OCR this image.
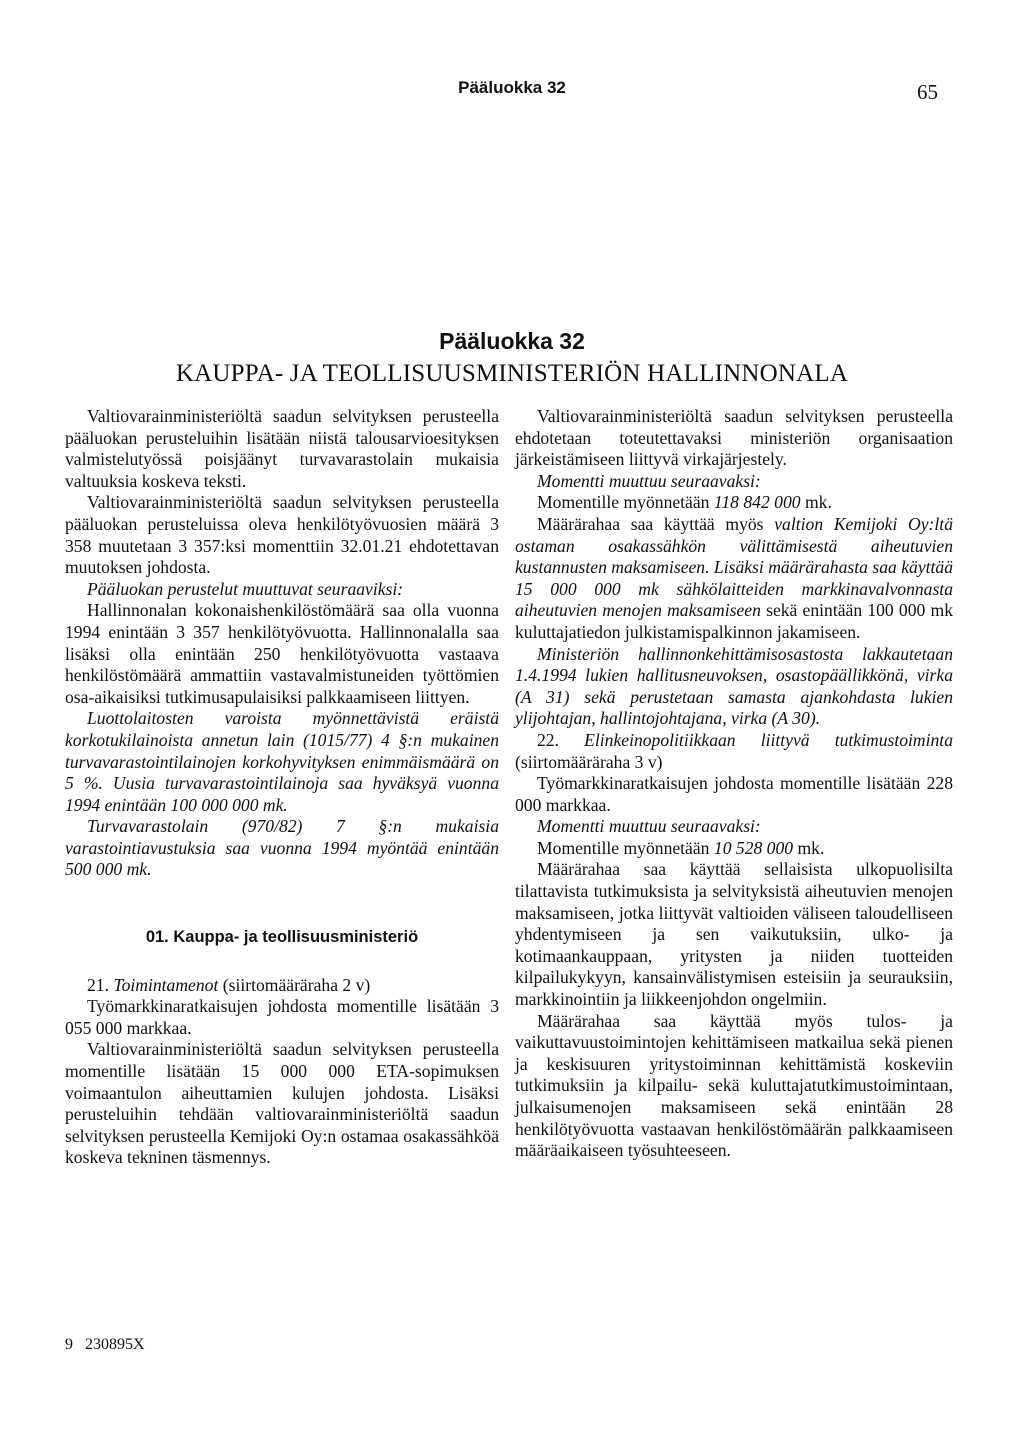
Pääluokka 32	65
Pääluokka 32
KAUPPA- JA TEOLLISUUSMINISTERIÖN HALLINNONALA

Valtiovarainministeriöltä saadun selvityksen perusteella pääluokan perusteluihin lisätään niistä talousarvioesityksen valmistelutyössä poisjäänyt turvavarastolain mukaisia valtuuksia koskeva teksti.

Valtiovarainministeriöltä saadun selvityksen perusteella pääluokan perusteluissa oleva henkilötyövuosien määrä 3 358 muutetaan 3 357:ksi momenttiin 32.01.21 ehdotettavan muutoksen johdosta.

Pääluokan perustelut muuttuvat seuraaviksi:

Hallinnonalan kokonaishenkilöstömäärä saa olla vuonna 1994 enintään 3 357 henkilötyövuotta. Hallinnonalalla saa lisäksi olla enintään 250 henkilötyövuotta vastaava henkilöstömäärä ammattiin vastavalmistuneiden työttömien osa-aikaisiksi tutkimusapulaisiksi palkkaamiseen liittyen.

Luottolaitosten varoista myönnettävistä eräistä korkotukilainoista annetun lain (1015/77) 4 §:n mukainen turvavarastointilainojen korkohyvityksen enimmäismäärä on 5 %. Uusia turvavarastointilainoja saa hyväksyä vuonna 1994 enintään 100 000 000 mk.

Turvavarastolain (970/82) 7 §:n mukaisia varastointiavustuksia saa vuonna 1994 myöntää enintään 500 000 mk.

01. Kauppa- ja teollisuusministeriö

21. Toimintamenot (siirtomääräraha 2 v)

Työmarkkinaratkaisujen johdosta momentille lisätään 3 055 000 markkaa.

Valtiovarainministeriöltä saadun selvityksen perusteella momentille lisätään 15 000 000 ETA-sopimuksen voimaantulon aiheuttamien kulujen johdosta. Lisäksi perusteluihin tehdään valtiovarainministeriöltä saadun selvityksen perusteella Kemijoki Oy:n ostamaa osakassähköä koskeva tekninen täsmennys.

Valtiovarainministeriöltä saadun selvityksen perusteella ehdotetaan toteutettavaksi ministeriön organisaation järkeistämiseen liittyvä virkajärjestely.

Momentti muuttuu seuraavaksi:

Momentille myönnetään 118 842 000 mk.

Määrärahaa saa käyttää myös valtion Kemijoki Oy:ltä ostaman osakassähkön välittämisestä aiheutuvien kustannusten maksamiseen. Lisäksi määrärahasta saa käyttää 15 000 000 mk sähkölaitteiden markkinavalvonnasta aiheutuvien menojen maksamiseen sekä enintään 100 000 mk kuluttajatiedon julkistamispalkinnon jakamiseen.

Ministeriön hallinnonkehittämisosastosta lakkautetaan 1.4.1994 lukien hallitusneuvoksen, osastopäällikkönä, virka (A 31) sekä perustetaan samasta ajankohdasta lukien ylijohtajan, hallintojohtajana, virka (A 30).

22. Elinkeinopolitiikkaan liittyvä tutkimustoiminta (siirtomääräraha 3 v)

Työmarkkinaratkaisujen johdosta momentille lisätään 228 000 markkaa.

Momentti muuttuu seuraavaksi:

Momentille myönnetään 10 528 000 mk.

Määrärahaa saa käyttää sellaisista ulkopuolisilta tilattavista tutkimuksista ja selvityksistä aiheutuvien menojen maksamiseen, jotka liittyvät valtioiden väliseen taloudelliseen yhdentymiseen ja sen vaikutuksiin, ulko- ja kotimaankauppaan, yritysten ja niiden tuotteiden kilpailukykyyn, kansainvälistymisen esteisiin ja seurauksiin, markkinointiin ja liikkeenjohdon ongelmiin.

Määrärahaa saa käyttää myös tulos- ja vaikuttavuustoimintojen kehittämiseen matkailua sekä pienen ja keskisuuren yritystoiminnan kehittämistä koskeviin tutkimuksiin ja kilpailu- sekä kuluttajatutkimustoimintaan, julkaisumenojen maksamiseen sekä enintään 28 henkilötyövuotta vastaavan henkilöstömäärän palkkaamiseen määräaikaiseen työsuhteeseen.

9   230895X
